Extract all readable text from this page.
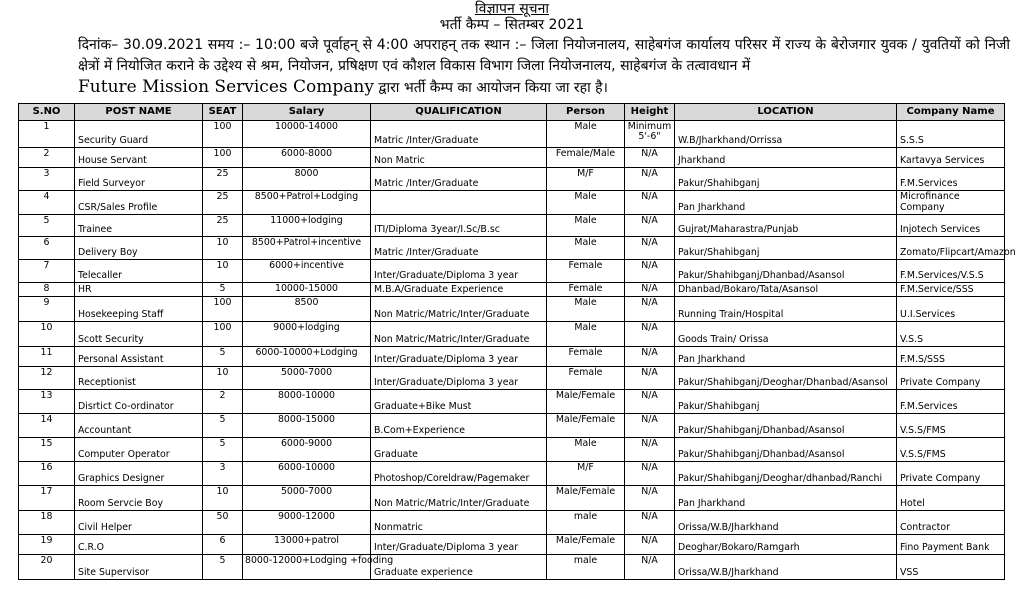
विज्ञापन सूचना
भर्ती कैम्प – सितम्बर 2021
दिनांक– 30.09.2021 समय :– 10:00 बजे पूर्वाहन् से 4:00 अपराहन् तक स्थान :– जिला नियोजनालय, साहेबगंज कार्यालय परिसर में राज्य के बेरोजगार युवक / युवतियों को निजी क्षेत्रों में नियोजित कराने के उद्देश्य से श्रम, नियोजन, प्रषिक्षण एवं कौशल विकास विभाग जिला नियोजनालय, साहेबगंज के तत्वावधान में
Future Mission Services Company द्वारा भर्ती कैम्प का आयोजन किया जा रहा है।
S.NO	POST NAME	SEAT	Salary	QUALIFICATION	Person	Height	LOCATION	Company Name
1	Security Guard	100	10000-14000	Matric /Inter/Graduate	Male	Minimum 5'-6"	W.B/Jharkhand/Orrissa	S.S.S
2	House Servant	100	6000-8000	Non Matric	Female/Male	N/A	Jharkhand	Kartavya Services
3	Field Surveyor	25	8000	Matric /Inter/Graduate	M/F	N/A	Pakur/Shahibganj	F.M.Services
4	CSR/Sales Profile	25	8500+Patrol+Lodging		Male	N/A	Pan Jharkhand	Microfinance Company
5	Trainee	25	11000+lodging	ITI/Diploma 3year/I.Sc/B.sc	Male	N/A	Gujrat/Maharastra/Punjab	Injotech Services
6	Delivery Boy	10	8500+Patrol+incentive	Matric /Inter/Graduate	Male	N/A	Pakur/Shahibganj	Zomato/Flipcart/Amazon
7	Telecaller	10	6000+incentive	Inter/Graduate/Diploma 3 year	Female	N/A	Pakur/Shahibganj/Dhanbad/Asansol	F.M.Services/V.S.S
8	HR	5	10000-15000	M.B.A/Graduate Experience	Female	N/A	Dhanbad/Bokaro/Tata/Asansol	F.M.Service/SSS
9	Hosekeeping Staff	100	8500	Non Matric/Matric/Inter/Graduate	Male	N/A	Running Train/Hospital	U.I.Services
10	Scott Security	100	9000+lodging	Non Matric/Matric/Inter/Graduate	Male	N/A	Goods Train/ Orissa	V.S.S
11	Personal Assistant	5	6000-10000+Lodging	Inter/Graduate/Diploma 3 year	Female	N/A	Pan Jharkhand	F.M.S/SSS
12	Receptionist	10	5000-7000	Inter/Graduate/Diploma 3 year	Female	N/A	Pakur/Shahibganj/Deoghar/Dhanbad/Asansol	Private Company
13	Disrtict Co-ordinator	2	8000-10000	Graduate+Bike Must	Male/Female	N/A	Pakur/Shahibganj	F.M.Services
14	Accountant	5	8000-15000	B.Com+Experience	Male/Female	N/A	Pakur/Shahibganj/Dhanbad/Asansol	V.S.S/FMS
15	Computer Operator	5	6000-9000	Graduate	Male	N/A	Pakur/Shahibganj/Dhanbad/Asansol	V.S.S/FMS
16	Graphics Designer	3	6000-10000	Photoshop/Coreldraw/Pagemaker	M/F	N/A	Pakur/Shahibganj/Deoghar/dhanbad/Ranchi	Private Company
17	Room Servcie Boy	10	5000-7000	Non Matric/Matric/Inter/Graduate	Male/Female	N/A	Pan Jharkhand	Hotel
18	Civil Helper	50	9000-12000	Nonmatric	male	N/A	Orissa/W.B/Jharkhand	Contractor
19	C.R.O	6	13000+patrol	Inter/Graduate/Diploma 3 year	Male/Female	N/A	Deoghar/Bokaro/Ramgarh	Fino Payment Bank
20	Site Supervisor	5	8000-12000+Lodging +fooding	Graduate experience	male	N/A	Orissa/W.B/Jharkhand	VSS
